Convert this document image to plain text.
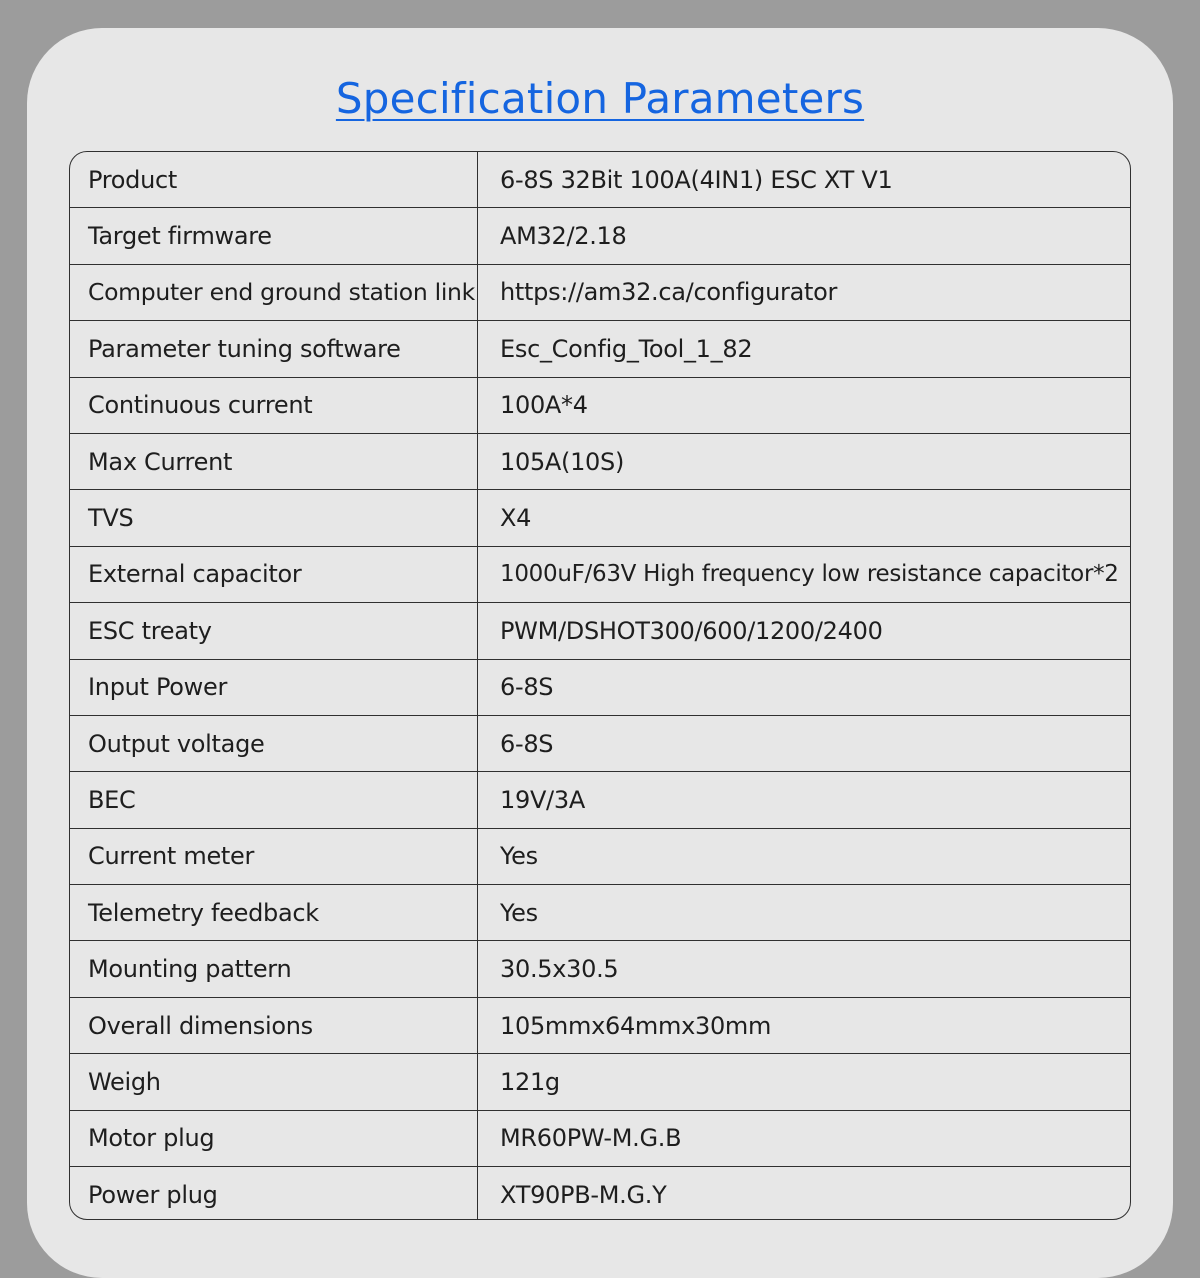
Specification Parameters
Product	6-8S 32Bit 100A(4IN1) ESC XT V1
Target firmware	AM32/2.18
Computer end ground station link	https://am32.ca/configurator
Parameter tuning software	Esc_Config_Tool_1_82
Continuous current	100A*4
Max Current	105A(10S)
TVS	X4
External capacitor	1000uF/63V High frequency low resistance capacitor*2
ESC treaty	PWM/DSHOT300/600/1200/2400
Input Power	6-8S
Output voltage	6-8S
BEC	19V/3A
Current meter	Yes
Telemetry feedback	Yes
Mounting pattern	30.5x30.5
Overall dimensions	105mmx64mmx30mm
Weigh	121g
Motor plug	MR60PW-M.G.B
Power plug	XT90PB-M.G.Y
